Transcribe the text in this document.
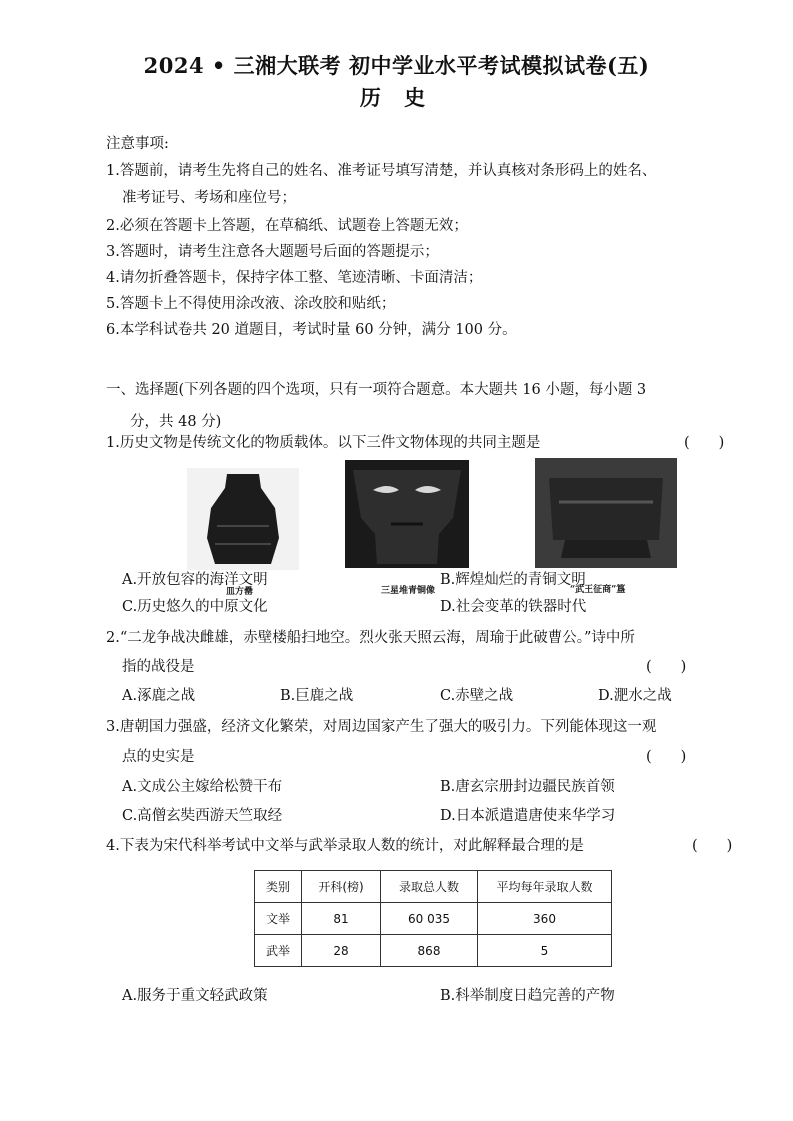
2024 • 三湘大联考 初中学业水平考试模拟试卷(五)
历 史
注意事项:
1.答题前，请考生先将自己的姓名、准考证号填写清楚，并认真核对条形码上的姓名、
准考证号、考场和座位号；
2.必须在答题卡上答题，在草稿纸、试题卷上答题无效；
3.答题时，请考生注意各大题题号后面的答题提示；
4.请勿折叠答题卡，保持字体工整、笔迹清晰、卡面清洁；
5.答题卡上不得使用涂改液、涂改胶和贴纸；
6.本学科试卷共 20 道题目，考试时量 60 分钟，满分 100 分。
一、选择题(下列各题的四个选项，只有一项符合题意。本大题共 16 小题，每小题 3
分，共 48 分)
1.历史文物是传统文化的物质载体。以下三件文物体现的共同主题是	(　　)
皿方罍	三星堆青铜像	“武王征商”簋
A.开放包容的海洋文明	B.辉煌灿烂的青铜文明
C.历史悠久的中原文化	D.社会变革的铁器时代
2.“二龙争战决雌雄，赤壁楼船扫地空。烈火张天照云海，周瑜于此破曹公。”诗中所
指的战役是	(　　)
A.涿鹿之战	B.巨鹿之战	C.赤壁之战	D.淝水之战
3.唐朝国力强盛，经济文化繁荣，对周边国家产生了强大的吸引力。下列能体现这一观
点的史实是	(　　)
A.文成公主嫁给松赞干布	B.唐玄宗册封边疆民族首领
C.高僧玄奘西游天竺取经	D.日本派遣遣唐使来华学习
4.下表为宋代科举考试中文举与武举录取人数的统计，对此解释最合理的是	(　　)
类别	开科(榜)	录取总人数	平均每年录取人数
文举	81	60 035	360
武举	28	868	5
A.服务于重文轻武政策	B.科举制度日趋完善的产物
